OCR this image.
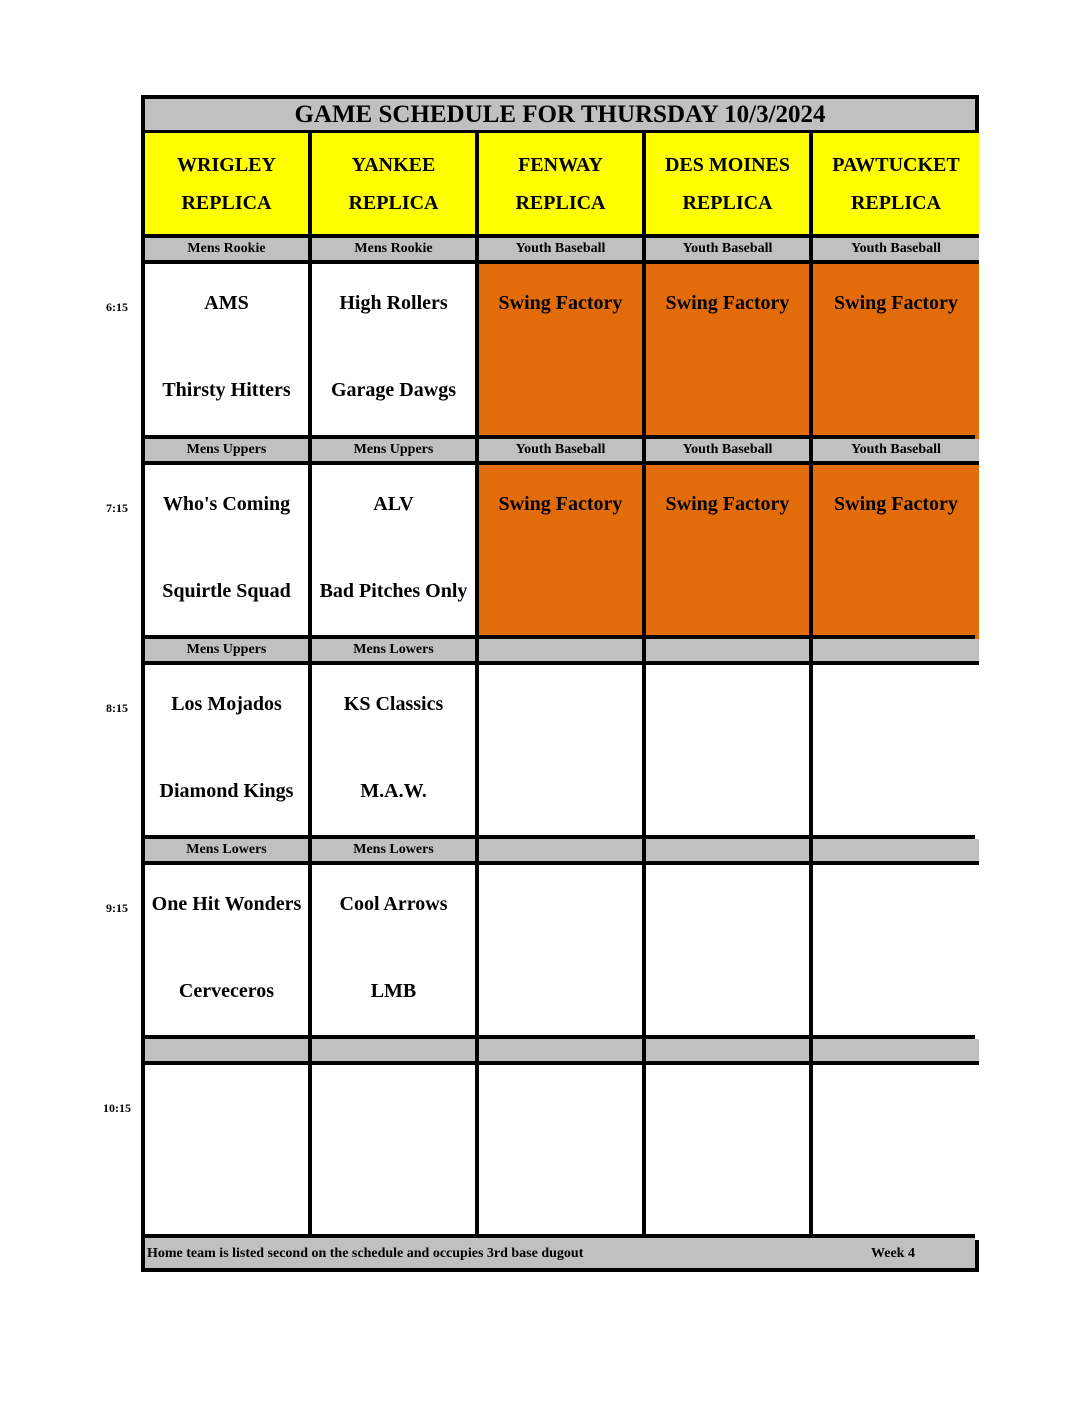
GAME SCHEDULE FOR THURSDAY 10/3/2024
WRIGLEY
REPLICA
YANKEE
REPLICA
FENWAY
REPLICA
DES MOINES
REPLICA
PAWTUCKET
REPLICA
Mens Rookie
AMS
Thirsty Hitters
Mens Rookie
High Rollers
Garage Dawgs
Youth Baseball
Swing Factory
Youth Baseball
Swing Factory
Youth Baseball
Swing Factory
Mens Uppers
Who's Coming
Squirtle Squad
Mens Uppers
ALV
Bad Pitches Only
Youth Baseball
Swing Factory
Youth Baseball
Swing Factory
Youth Baseball
Swing Factory
Mens Uppers
Los Mojados
Diamond Kings
Mens Lowers
KS Classics
M.A.W.
Mens Lowers
One Hit Wonders
Cerveceros
Mens Lowers
Cool Arrows
LMB
Home team is listed second on the schedule and occupies 3rd base dugout	Week 4
6:15
7:15
8:15
9:15
10:15
